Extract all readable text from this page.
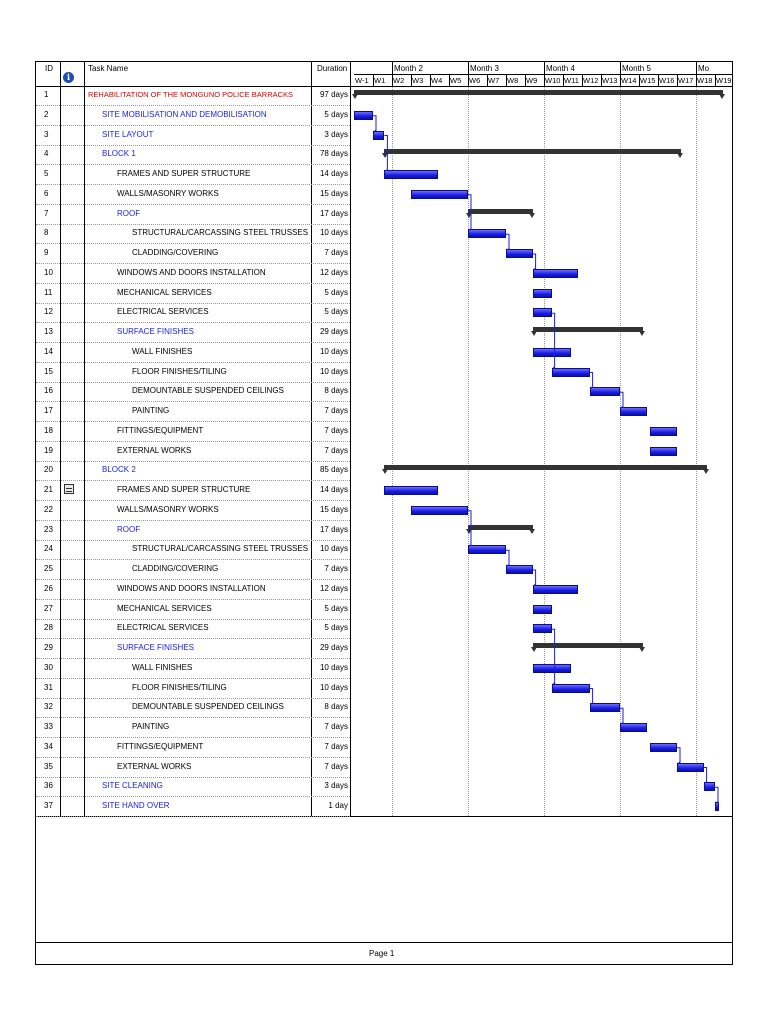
ID
i
Task Name	Duration	Month 2	Month 3	Month 4	Month 5	Mo
W-1 W1 W2 W3 W4 W5 W6 W7 W8 W9 W10 W11 W12 W13 W14 W15 W16 W17 W18 W19
1	REHABILITATION OF THE MONGUNO POLICE BARRACKS	97 days
2	SITE MOBILISATION AND DEMOBILISATION	5 days
3	SITE LAYOUT	3 days
4	BLOCK 1	78 days
5	FRAMES AND SUPER STRUCTURE	14 days
6	WALLS/MASONRY WORKS	15 days
7	ROOF	17 days
8	STRUCTURAL/CARCASSING STEEL TRUSSES 10 days
9	CLADDING/COVERING	7 days
10	WINDOWS AND DOORS INSTALLATION	12 days
11	MECHANICAL SERVICES	5 days
12	ELECTRICAL SERVICES	5 days
13	SURFACE FINISHES	29 days
14	WALL FINISHES	10 days
15	FLOOR FINISHES/TILING	10 days
16	DEMOUNTABLE SUSPENDED CEILINGS	8 days
17	PAINTING	7 days
18	FITTINGS/EQUIPMENT	7 days
19	EXTERNAL WORKS	7 days
20	BLOCK 2	85 days
21	FRAMES AND SUPER STRUCTURE	14 days
22	WALLS/MASONRY WORKS	15 days
23	ROOF	17 days
24	STRUCTURAL/CARCASSING STEEL TRUSSES 10 days
25	CLADDING/COVERING	7 days
26	WINDOWS AND DOORS INSTALLATION	12 days
27	MECHANICAL SERVICES	5 days
28	ELECTRICAL SERVICES	5 days
29	SURFACE FINISHES	29 days
30	WALL FINISHES	10 days
31	FLOOR FINISHES/TILING	10 days
32	DEMOUNTABLE SUSPENDED CEILINGS	8 days
33	PAINTING	7 days
34	FITTINGS/EQUIPMENT	7 days
35	EXTERNAL WORKS	7 days
36	SITE CLEANING	3 days
37	SITE HAND OVER	1 day
Page 1
